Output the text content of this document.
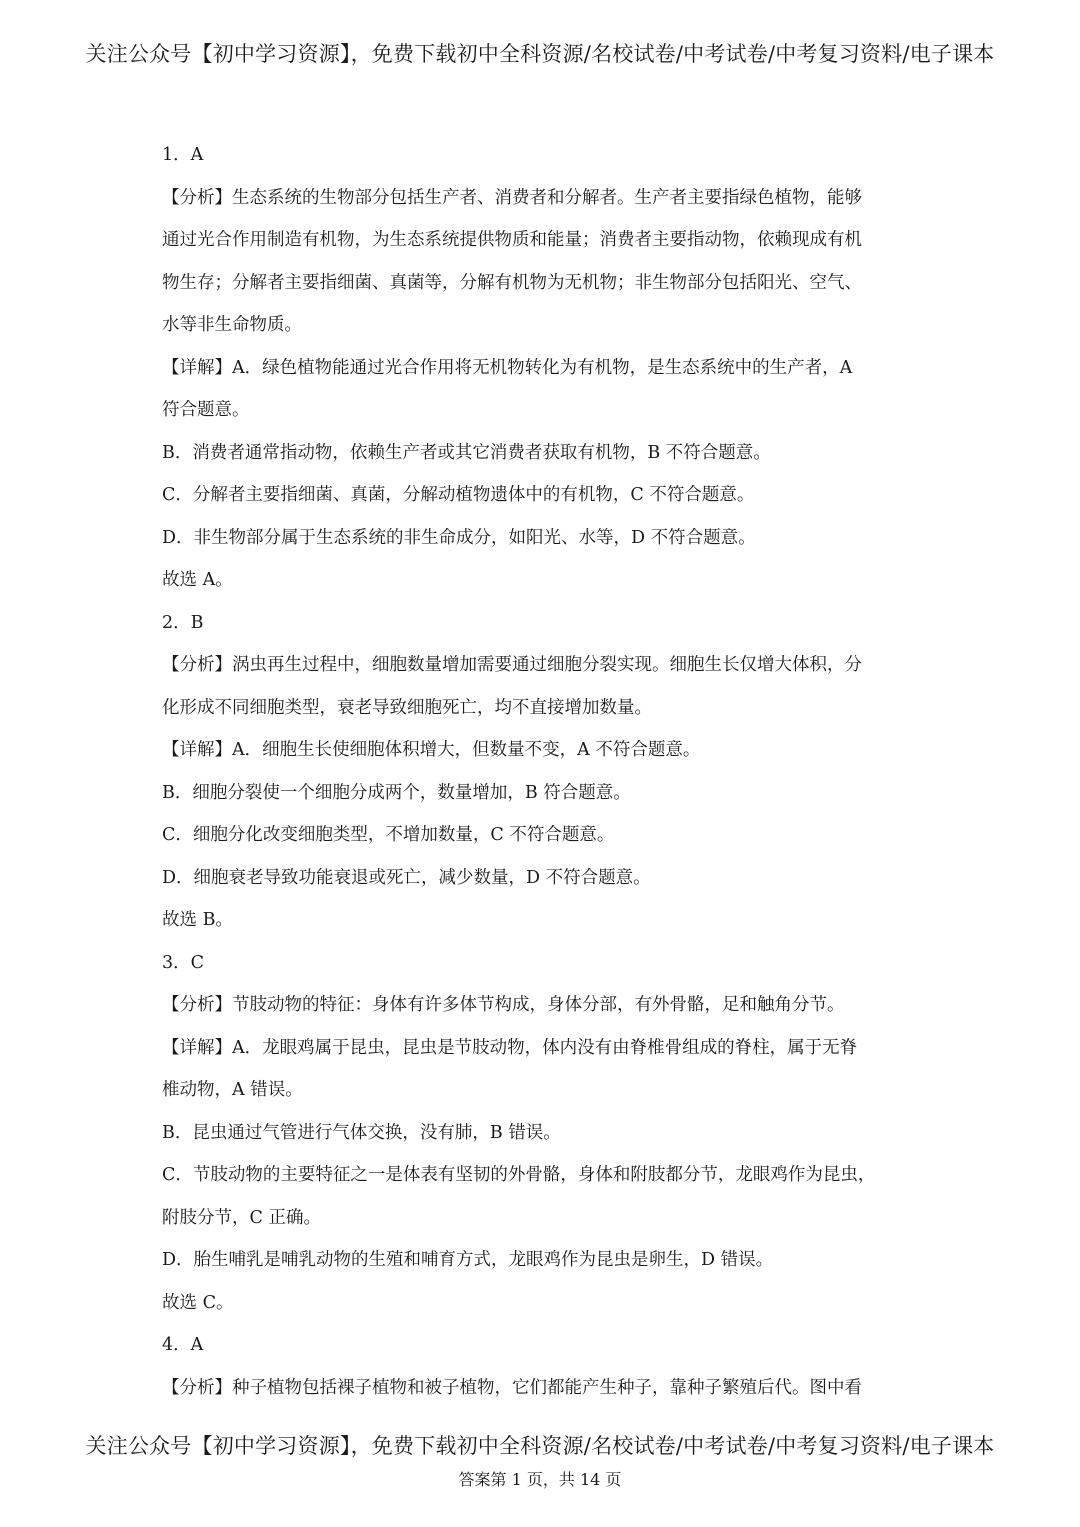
关注公众号【初中学习资源】，免费下载初中全科资源/名校试卷/中考试卷/中考复习资料/电子课本

1．A

【分析】生态系统的生物部分包括生产者、消费者和分解者。生产者主要指绿色植物，能够

通过光合作用制造有机物，为生态系统提供物质和能量；消费者主要指动物，依赖现成有机

物生存；分解者主要指细菌、真菌等，分解有机物为无机物；非生物部分包括阳光、空气、

水等非生命物质。

【详解】A．绿色植物能通过光合作用将无机物转化为有机物，是生态系统中的生产者，A

符合题意。

B．消费者通常指动物，依赖生产者或其它消费者获取有机物，B 不符合题意。

C．分解者主要指细菌、真菌，分解动植物遗体中的有机物，C 不符合题意。

D．非生物部分属于生态系统的非生命成分，如阳光、水等，D 不符合题意。

故选 A。

2．B

【分析】涡虫再生过程中，细胞数量增加需要通过细胞分裂实现。细胞生长仅增大体积，分

化形成不同细胞类型，衰老导致细胞死亡，均不直接增加数量。

【详解】A．细胞生长使细胞体积增大，但数量不变，A 不符合题意。

B．细胞分裂使一个细胞分成两个，数量增加，B 符合题意。

C．细胞分化改变细胞类型，不增加数量，C 不符合题意。

D．细胞衰老导致功能衰退或死亡，减少数量，D 不符合题意。

故选 B。

3．C

【分析】节肢动物的特征：身体有许多体节构成，身体分部，有外骨骼，足和触角分节。

【详解】A．龙眼鸡属于昆虫，昆虫是节肢动物，体内没有由脊椎骨组成的脊柱，属于无脊

椎动物，A 错误。

B．昆虫通过气管进行气体交换，没有肺，B 错误。

C．节肢动物的主要特征之一是体表有坚韧的外骨骼，身体和附肢都分节，龙眼鸡作为昆虫，

附肢分节，C 正确。

D．胎生哺乳是哺乳动物的生殖和哺育方式，龙眼鸡作为昆虫是卵生，D 错误。

故选 C。

4．A

【分析】种子植物包括裸子植物和被子植物，它们都能产生种子，靠种子繁殖后代。图中看

关注公众号【初中学习资源】，免费下载初中全科资源/名校试卷/中考试卷/中考复习资料/电子课本
答案第 1 页，共 14 页
